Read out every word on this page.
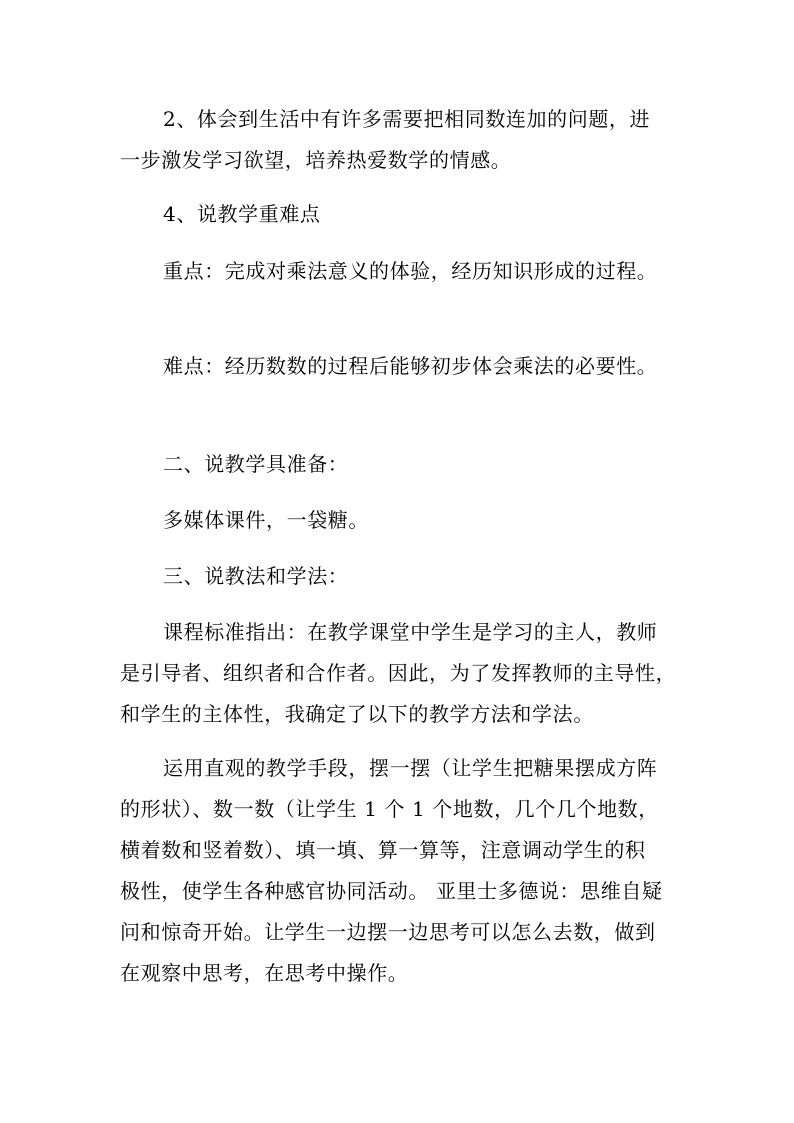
2、体会到生活中有许多需要把相同数连加的问题，进
一步激发学习欲望，培养热爱数学的情感。
4、说教学重难点
重点：完成对乘法意义的体验，经历知识形成的过程。
难点：经历数数的过程后能够初步体会乘法的必要性。
二、说教学具准备：
多媒体课件，一袋糖。
三、说教法和学法：
课程标准指出：在教学课堂中学生是学习的主人，教师
是引导者、组织者和合作者。因此，为了发挥教师的主导性，
和学生的主体性，我确定了以下的教学方法和学法。
运用直观的教学手段，摆一摆（让学生把糖果摆成方阵
的形状）、数一数（让学生 1 个 1 个地数，几个几个地数，
横着数和竖着数）、填一填、算一算等，注意调动学生的积
极性，使学生各种感官协同活动。 亚里士多德说：思维自疑
问和惊奇开始。让学生一边摆一边思考可以怎么去数，做到
在观察中思考，在思考中操作。
